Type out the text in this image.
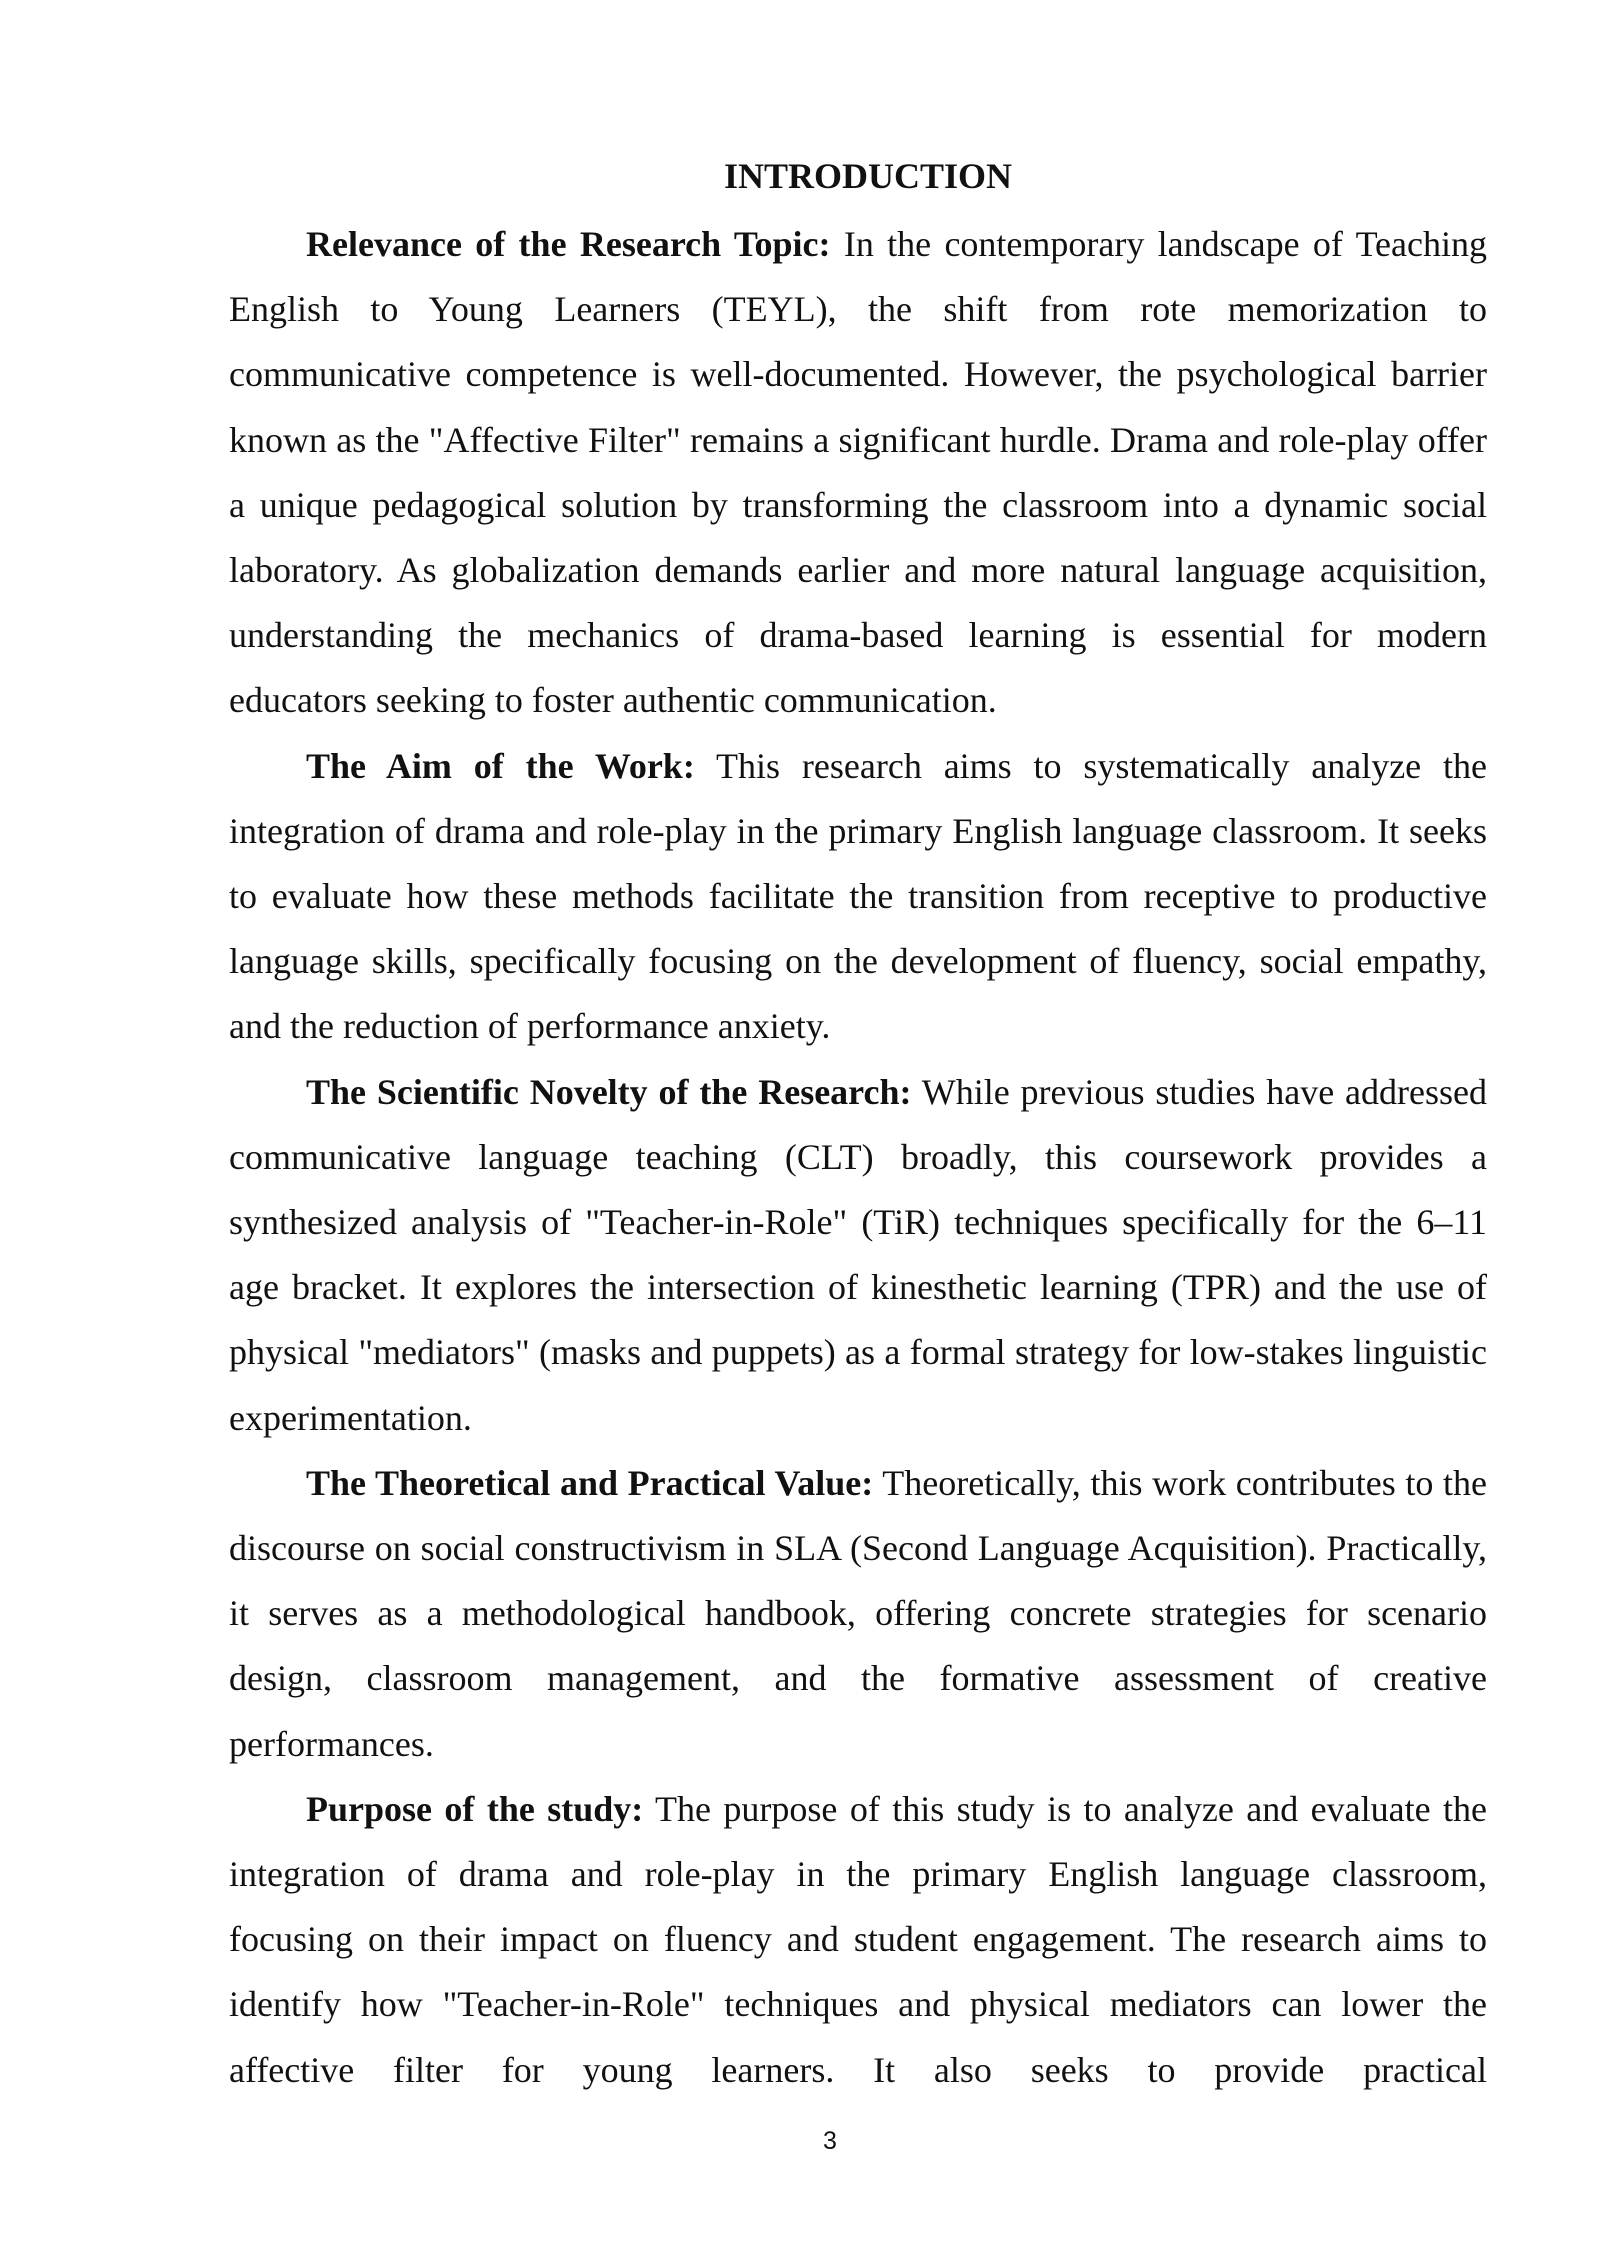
INTRODUCTION

Relevance of the Research Topic: In the contemporary landscape of Teaching English to Young Learners (TEYL), the shift from rote memorization to communicative competence is well-documented. However, the psychological barrier known as the "Affective Filter" remains a significant hurdle. Drama and role-play offer a unique pedagogical solution by transforming the classroom into a dynamic social laboratory. As globalization demands earlier and more natural language acquisition, understanding the mechanics of drama-based learning is essential for modern educators seeking to foster authentic communication.

The Aim of the Work: This research aims to systematically analyze the integration of drama and role-play in the primary English language classroom. It seeks to evaluate how these methods facilitate the transition from receptive to productive language skills, specifically focusing on the development of fluency, social empathy, and the reduction of performance anxiety.

The Scientific Novelty of the Research: While previous studies have addressed communicative language teaching (CLT) broadly, this coursework provides a synthesized analysis of "Teacher-in-Role" (TiR) techniques specifically for the 6–11 age bracket. It explores the intersection of kinesthetic learning (TPR) and the use of physical "mediators" (masks and puppets) as a formal strategy for low-stakes linguistic experimentation.

The Theoretical and Practical Value: Theoretically, this work contributes to the discourse on social constructivism in SLA (Second Language Acquisition). Practically, it serves as a methodological handbook, offering concrete strategies for scenario design, classroom management, and the formative assessment of creative performances.

Purpose of the study: The purpose of this study is to analyze and evaluate the integration of drama and role-play in the primary English language classroom, focusing on their impact on fluency and student engagement. The research aims to identify how "Teacher-in-Role" techniques and physical mediators can lower the affective filter for young learners. It also seeks to provide practical

3
